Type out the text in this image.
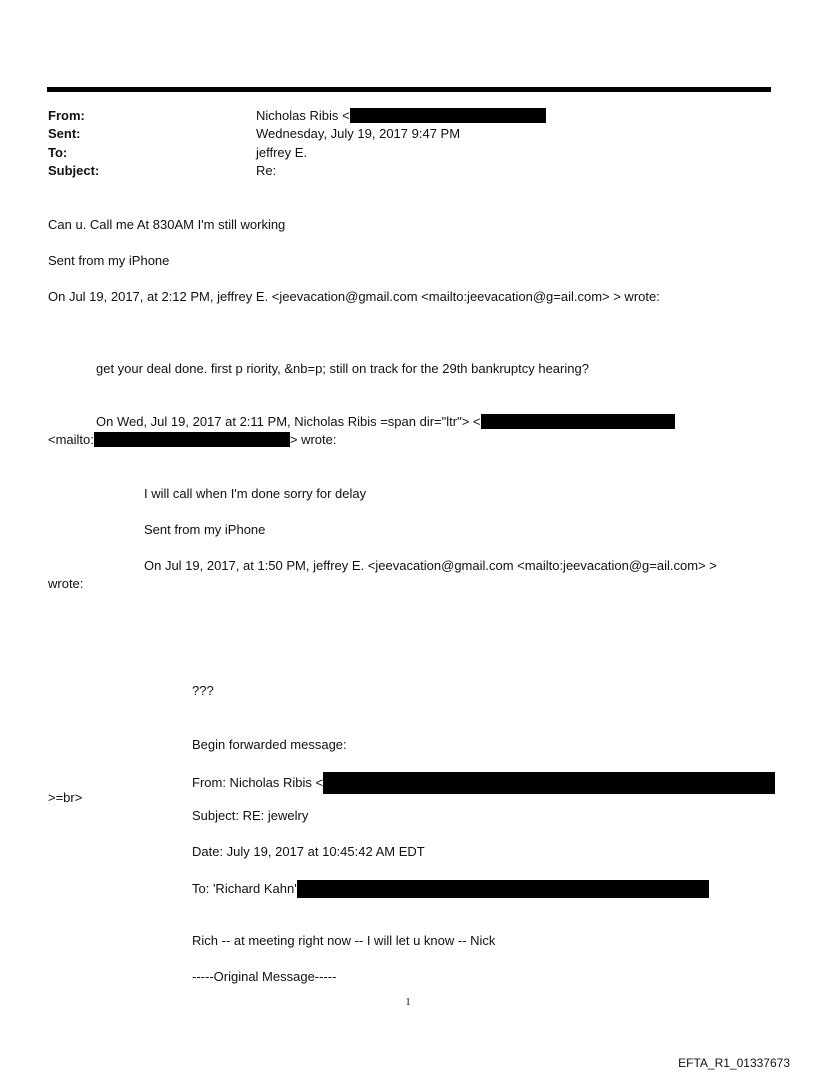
From:	Nicholas Ribis <
Sent:	Wednesday, July 19, 2017 9:47 PM
To:	jeffrey E.
Subject:	Re:
Can u. Call me At 830AM I'm still working
Sent from my iPhone
On Jul 19, 2017, at 2:12 PM, jeffrey E. <jeevacation@gmail.com <mailto:jeevacation@g=ail.com> > wrote:
get your deal done. first p riority, &nb=p; still on track for the 29th bankruptcy hearing?
On Wed, Jul 19, 2017 at 2:11 PM, Nicholas Ribis =span dir="ltr"> <
<mailto:	> wrote:
I will call when I'm done sorry for delay
Sent from my iPhone
On Jul 19, 2017, at 1:50 PM, jeffrey E. <jeevacation@gmail.com <mailto:jeevacation@g=ail.com> >
wrote:
???
Begin forwarded message:
From: Nicholas Ribis <
>=br>
Subject: RE: jewelry
Date: July 19, 2017 at 10:45:42 AM EDT
To: 'Richard Kahn'
Rich -- at meeting right now -- I will let u know -- Nick
-----Original Message-----
1
EFTA_R1_01337673
